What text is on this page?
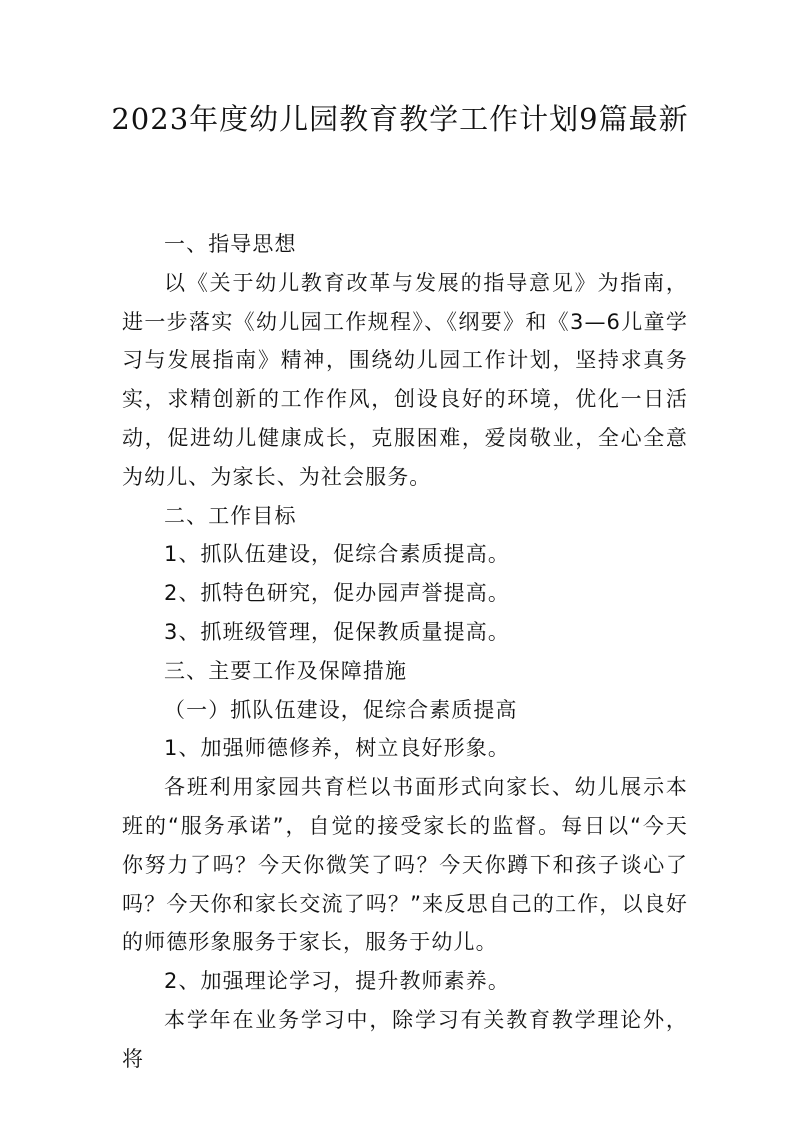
2023年度幼儿园教育教学工作计划9篇最新

一、指导思想

以《关于幼儿教育改革与发展的指导意见》为指南，进一步落实《幼儿园工作规程》、《纲要》和《3—6儿童学习与发展指南》精神，围绕幼儿园工作计划，坚持求真务实，求精创新的工作作风，创设良好的环境，优化一日活动，促进幼儿健康成长，克服困难，爱岗敬业，全心全意为幼儿、为家长、为社会服务。

二、工作目标

1、抓队伍建设，促综合素质提高。

2、抓特色研究，促办园声誉提高。

3、抓班级管理，促保教质量提高。

三、主要工作及保障措施

（一）抓队伍建设，促综合素质提高

1、加强师德修养，树立良好形象。

各班利用家园共育栏以书面形式向家长、幼儿展示本班的“服务承诺”，自觉的接受家长的监督。每日以“今天你努力了吗？今天你微笑了吗？今天你蹲下和孩子谈心了吗？今天你和家长交流了吗？”来反思自己的工作，以良好的师德形象服务于家长，服务于幼儿。

2、加强理论学习，提升教师素养。

本学年在业务学习中，除学习有关教育教学理论外，将
